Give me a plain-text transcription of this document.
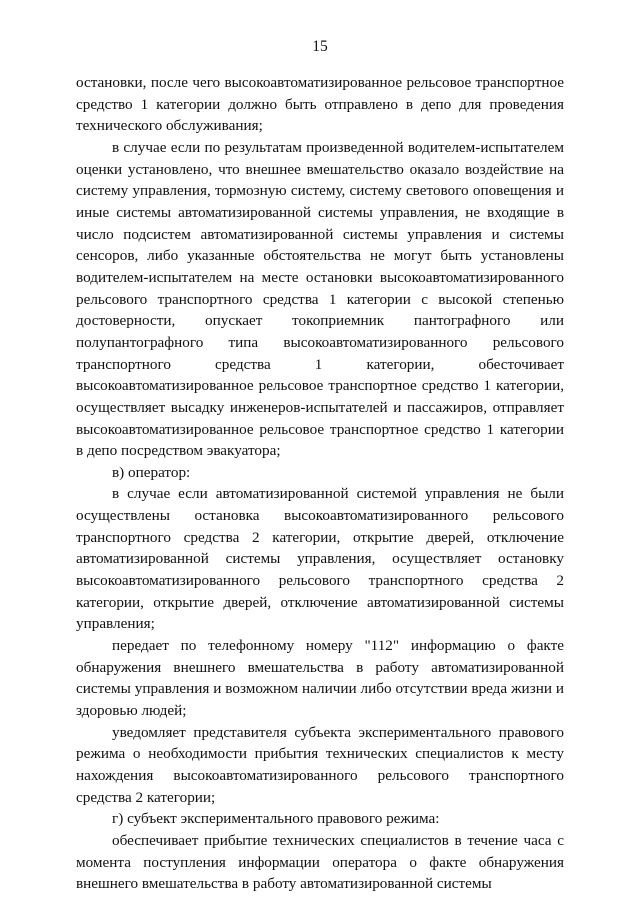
15

остановки, после чего высокоавтоматизированное рельсовое транспортное средство 1 категории должно быть отправлено в депо для проведения технического обслуживания;

в случае если по результатам произведенной водителем-испытателем оценки установлено, что внешнее вмешательство оказало воздействие на систему управления, тормозную систему, систему светового оповещения и иные системы автоматизированной системы управления, не входящие в число подсистем автоматизированной системы управления и системы сенсоров, либо указанные обстоятельства не могут быть установлены водителем-испытателем на месте остановки высокоавтоматизированного рельсового транспортного средства 1 категории с высокой степенью достоверности, опускает токоприемник пантографного или полупантографного типа высокоавтоматизированного рельсового транспортного средства 1 категории, обесточивает высокоавтоматизированное рельсовое транспортное средство 1 категории, осуществляет высадку инженеров-испытателей и пассажиров, отправляет высокоавтоматизированное рельсовое транспортное средство 1 категории в депо посредством эвакуатора;

в) оператор:

в случае если автоматизированной системой управления не были осуществлены остановка высокоавтоматизированного рельсового транспортного средства 2 категории, открытие дверей, отключение автоматизированной системы управления, осуществляет остановку высокоавтоматизированного рельсового транспортного средства 2 категории, открытие дверей, отключение автоматизированной системы управления;

передает по телефонному номеру "112" информацию о факте обнаружения внешнего вмешательства в работу автоматизированной системы управления и возможном наличии либо отсутствии вреда жизни и здоровью людей;

уведомляет представителя субъекта экспериментального правового режима о необходимости прибытия технических специалистов к месту нахождения высокоавтоматизированного рельсового транспортного средства 2 категории;

г) субъект экспериментального правового режима:

обеспечивает прибытие технических специалистов в течение часа с момента поступления информации оператора о факте обнаружения внешнего вмешательства в работу автоматизированной системы
